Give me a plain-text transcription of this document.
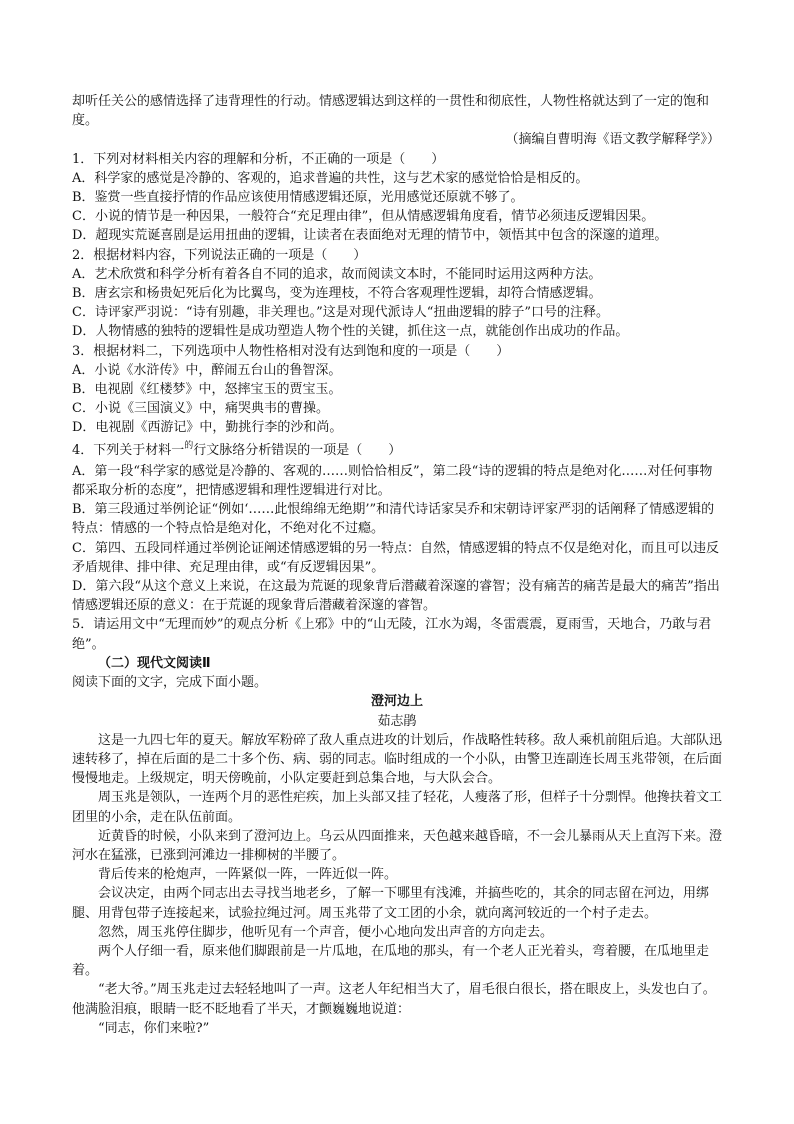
却听任关公的感情选择了违背理性的行动。情感逻辑达到这样的一贯性和彻底性，人物性格就达到了一定的饱和度。

（摘编自曹明海《语文教学解释学》）

1．下列对材料相关内容的理解和分析，不正确的一项是（　　）

A．科学家的感觉是冷静的、客观的，追求普遍的共性，这与艺术家的感觉恰恰是相反的。

B．鉴赏一些直接抒情的作品应该使用情感逻辑还原，光用感觉还原就不够了。

C．小说的情节是一种因果，一般符合“充足理由律”，但从情感逻辑角度看，情节必须违反逻辑因果。

D．超现实荒诞喜剧是运用扭曲的逻辑，让读者在表面绝对无理的情节中，领悟其中包含的深邃的道理。

2．根据材料内容，下列说法正确的一项是（　　）

A．艺术欣赏和科学分析有着各自不同的追求，故而阅读文本时，不能同时运用这两种方法。

B．唐玄宗和杨贵妃死后化为比翼鸟，变为连理枝，不符合客观理性逻辑，却符合情感逻辑。

C．诗评家严羽说：“诗有别趣，非关理也。”这是对现代派诗人“扭曲逻辑的脖子”口号的注释。

D．人物情感的独特的逻辑性是成功塑造人物个性的关键，抓住这一点，就能创作出成功的作品。

3．根据材料二，下列选项中人物性格相对没有达到饱和度的一项是（　　）

A．小说《水浒传》中，醉闹五台山的鲁智深。

B．电视剧《红楼梦》中，怒摔宝玉的贾宝玉。

C．小说《三国演义》中，痛哭典韦的曹操。

D．电视剧《西游记》中，勤挑行李的沙和尚。

4．下列关于材料一$^的$行文脉络分析错误的一项是（　　）

A．第一段“科学家的感觉是冷静的、客观的……则恰恰相反”，第二段“诗的逻辑的特点是绝对化……对任何事物都采取分析的态度”，把情感逻辑和理性逻辑进行对比。

B．第三段通过举例论证“例如‘……此恨绵绵无绝期’”和清代诗话家吴乔和宋朝诗评家严羽的话阐释了情感逻辑的特点：情感的一个特点恰是绝对化，不绝对化不过瘾。

C．第四、五段同样通过举例论证阐述情感逻辑的另一特点：自然，情感逻辑的特点不仅是绝对化，而且可以违反矛盾规律、排中律、充足理由律，或“有反逻辑因果”。

D．第六段“从这个意义上来说，在这最为荒诞的现象背后潜藏着深邃的睿智；没有痛苦的痛苦是最大的痛苦”指出情感逻辑还原的意义：在于荒诞的现象背后潜藏着深邃的睿智。

5．请运用文中“无理而妙”的观点分析《上邪》中的“山无陵，江水为竭，冬雷震震，夏雨雪，天地合，乃敢与君绝”。

（二）现代文阅读Ⅱ

阅读下面的文字，完成下面小题。

澄河边上

茹志鹃

这是一九四七年的夏天。解放军粉碎了敌人重点进攻的计划后，作战略性转移。敌人乘机前阻后追。大部队迅速转移了，掉在后面的是二十多个伤、病、弱的同志。临时组成的一个小队，由警卫连副连长周玉兆带领，在后面慢慢地走。上级规定，明天傍晚前，小队定要赶到总集合地，与大队会合。

周玉兆是领队，一连两个月的恶性疟疾，加上头部又挂了轻花，人瘦落了形，但样子十分剽悍。他搀扶着文工团里的小余，走在队伍前面。

近黄昏的时候，小队来到了澄河边上。乌云从四面推来，天色越来越昏暗，不一会儿暴雨从天上直泻下来。澄河水在猛涨，已涨到河滩边一排柳树的半腰了。

背后传来的枪炮声，一阵紧似一阵，一阵近似一阵。

会议决定，由两个同志出去寻找当地老乡，了解一下哪里有浅滩，并搞些吃的，其余的同志留在河边，用绑腿、用背包带子连接起来，试验拉绳过河。周玉兆带了文工团的小余，就向离河较近的一个村子走去。

忽然，周玉兆停住脚步，他听见有一个声音，便小心地向发出声音的方向走去。

两个人仔细一看，原来他们脚跟前是一片瓜地，在瓜地的那头，有一个老人正光着头，弯着腰，在瓜地里走着。

“老大爷。”周玉兆走过去轻轻地叫了一声。这老人年纪相当大了，眉毛很白很长，搭在眼皮上，头发也白了。他满脸泪痕，眼睛一眨不眨地看了半天，才颤巍巍地说道：

“同志，你们来啦?”
